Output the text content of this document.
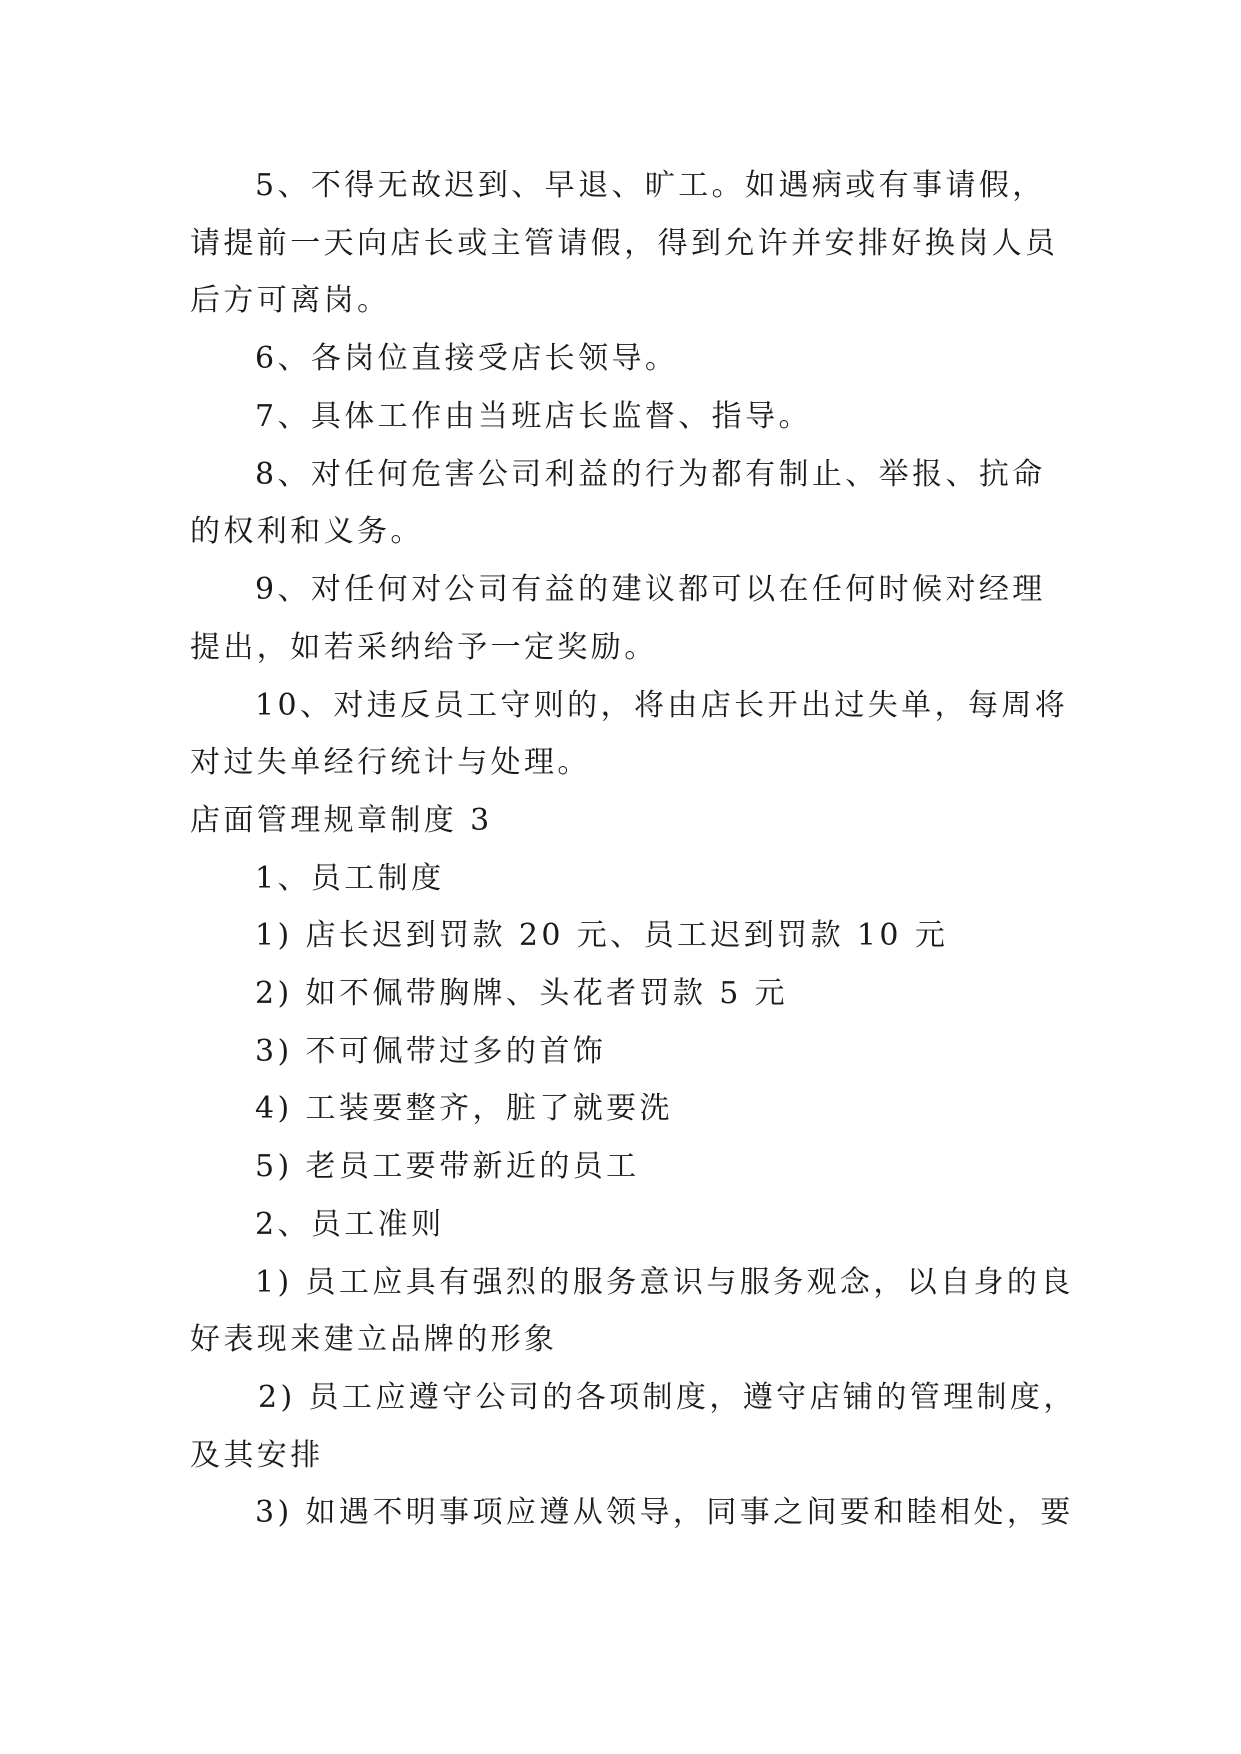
5、不得无故迟到、早退、旷工。如遇病或有事请假，
请提前一天向店长或主管请假，得到允许并安排好换岗人员
后方可离岗。
6、各岗位直接受店长领导。
7、具体工作由当班店长监督、指导。
8、对任何危害公司利益的行为都有制止、举报、抗命
的权利和义务。
9、对任何对公司有益的建议都可以在任何时候对经理
提出，如若采纳给予一定奖励。
10、对违反员工守则的，将由店长开出过失单，每周将
对过失单经行统计与处理。
店面管理规章制度 3
1、员工制度
1) 店长迟到罚款 20 元、员工迟到罚款 10 元
2) 如不佩带胸牌、头花者罚款 5 元
3) 不可佩带过多的首饰
4) 工装要整齐，脏了就要洗
5) 老员工要带新近的员工
2、员工准则
1) 员工应具有强烈的服务意识与服务观念，以自身的良
好表现来建立品牌的形象
2) 员工应遵守公司的各项制度，遵守店铺的管理制度，
及其安排
3) 如遇不明事项应遵从领导，同事之间要和睦相处，要
